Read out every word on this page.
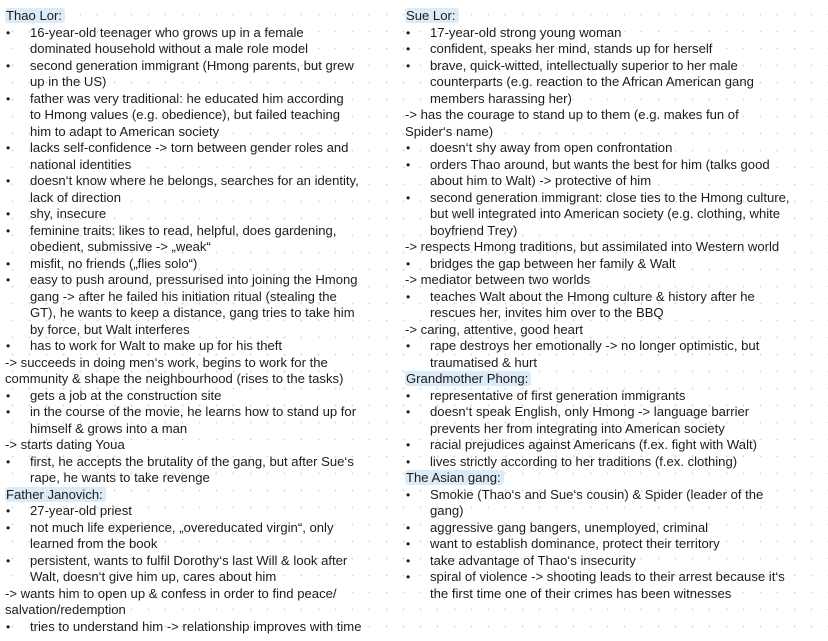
Thao Lor:
• 16-year-old teenager who grows up in a female
dominated household without a male role model
• second generation immigrant (Hmong parents, but grew
up in the US)
• father was very traditional: he educated him according
to Hmong values (e.g. obedience), but failed teaching
him to adapt to American society
• lacks self-confidence -> torn between gender roles and
national identities
• doesn‘t know where he belongs, searches for an identity,
lack of direction
• shy, insecure
• feminine traits: likes to read, helpful, does gardening,
obedient, submissive -> „weak“
• misfit, no friends („flies solo“)
• easy to push around, pressurised into joining the Hmong
gang -> after he failed his initiation ritual (stealing the
GT), he wants to keep a distance, gang tries to take him
by force, but Walt interferes
• has to work for Walt to make up for his theft
-> succeeds in doing men‘s work, begins to work for the
community & shape the neighbourhood (rises to the tasks)
• gets a job at the construction site
• in the course of the movie, he learns how to stand up for
himself & grows into a man
-> starts dating Youa
• first, he accepts the brutality of the gang, but after Sue‘s
rape, he wants to take revenge
Father Janovich:
• 27-year-old priest
• not much life experience, „overeducated virgin“, only
learned from the book
• persistent, wants to fulfil Dorothy‘s last Will & look after
Walt, doesn‘t give him up, cares about him
-> wants him to open up & confess in order to find peace/
salvation/redemption
• tries to understand him -> relationship improves with time
Sue Lor:
• 17-year-old strong young woman
• confident, speaks her mind, stands up for herself
• brave, quick-witted, intellectually superior to her male
counterparts (e.g. reaction to the African American gang
members harassing her)
-> has the courage to stand up to them (e.g. makes fun of
Spider‘s name)
• doesn‘t shy away from open confrontation
• orders Thao around, but wants the best for him (talks good
about him to Walt) -> protective of him
• second generation immigrant: close ties to the Hmong culture,
but well integrated into American society (e.g. clothing, white
boyfriend Trey)
-> respects Hmong traditions, but assimilated into Western world
• bridges the gap between her family & Walt
-> mediator between two worlds
• teaches Walt about the Hmong culture & history after he
rescues her, invites him over to the BBQ
-> caring, attentive, good heart
• rape destroys her emotionally -> no longer optimistic, but
traumatised & hurt
Grandmother Phong:
• representative of first generation immigrants
• doesn‘t speak English, only Hmong -> language barrier
prevents her from integrating into American society
• racial prejudices against Americans (f.ex. fight with Walt)
• lives strictly according to her traditions (f.ex. clothing)
The Asian gang:
• Smokie (Thao‘s and Sue‘s cousin) & Spider (leader of the
gang)
• aggressive gang bangers, unemployed, criminal
• want to establish dominance, protect their territory
• take advantage of Thao‘s insecurity
• spiral of violence -> shooting leads to their arrest because it‘s
the first time one of their crimes has been witnesses
